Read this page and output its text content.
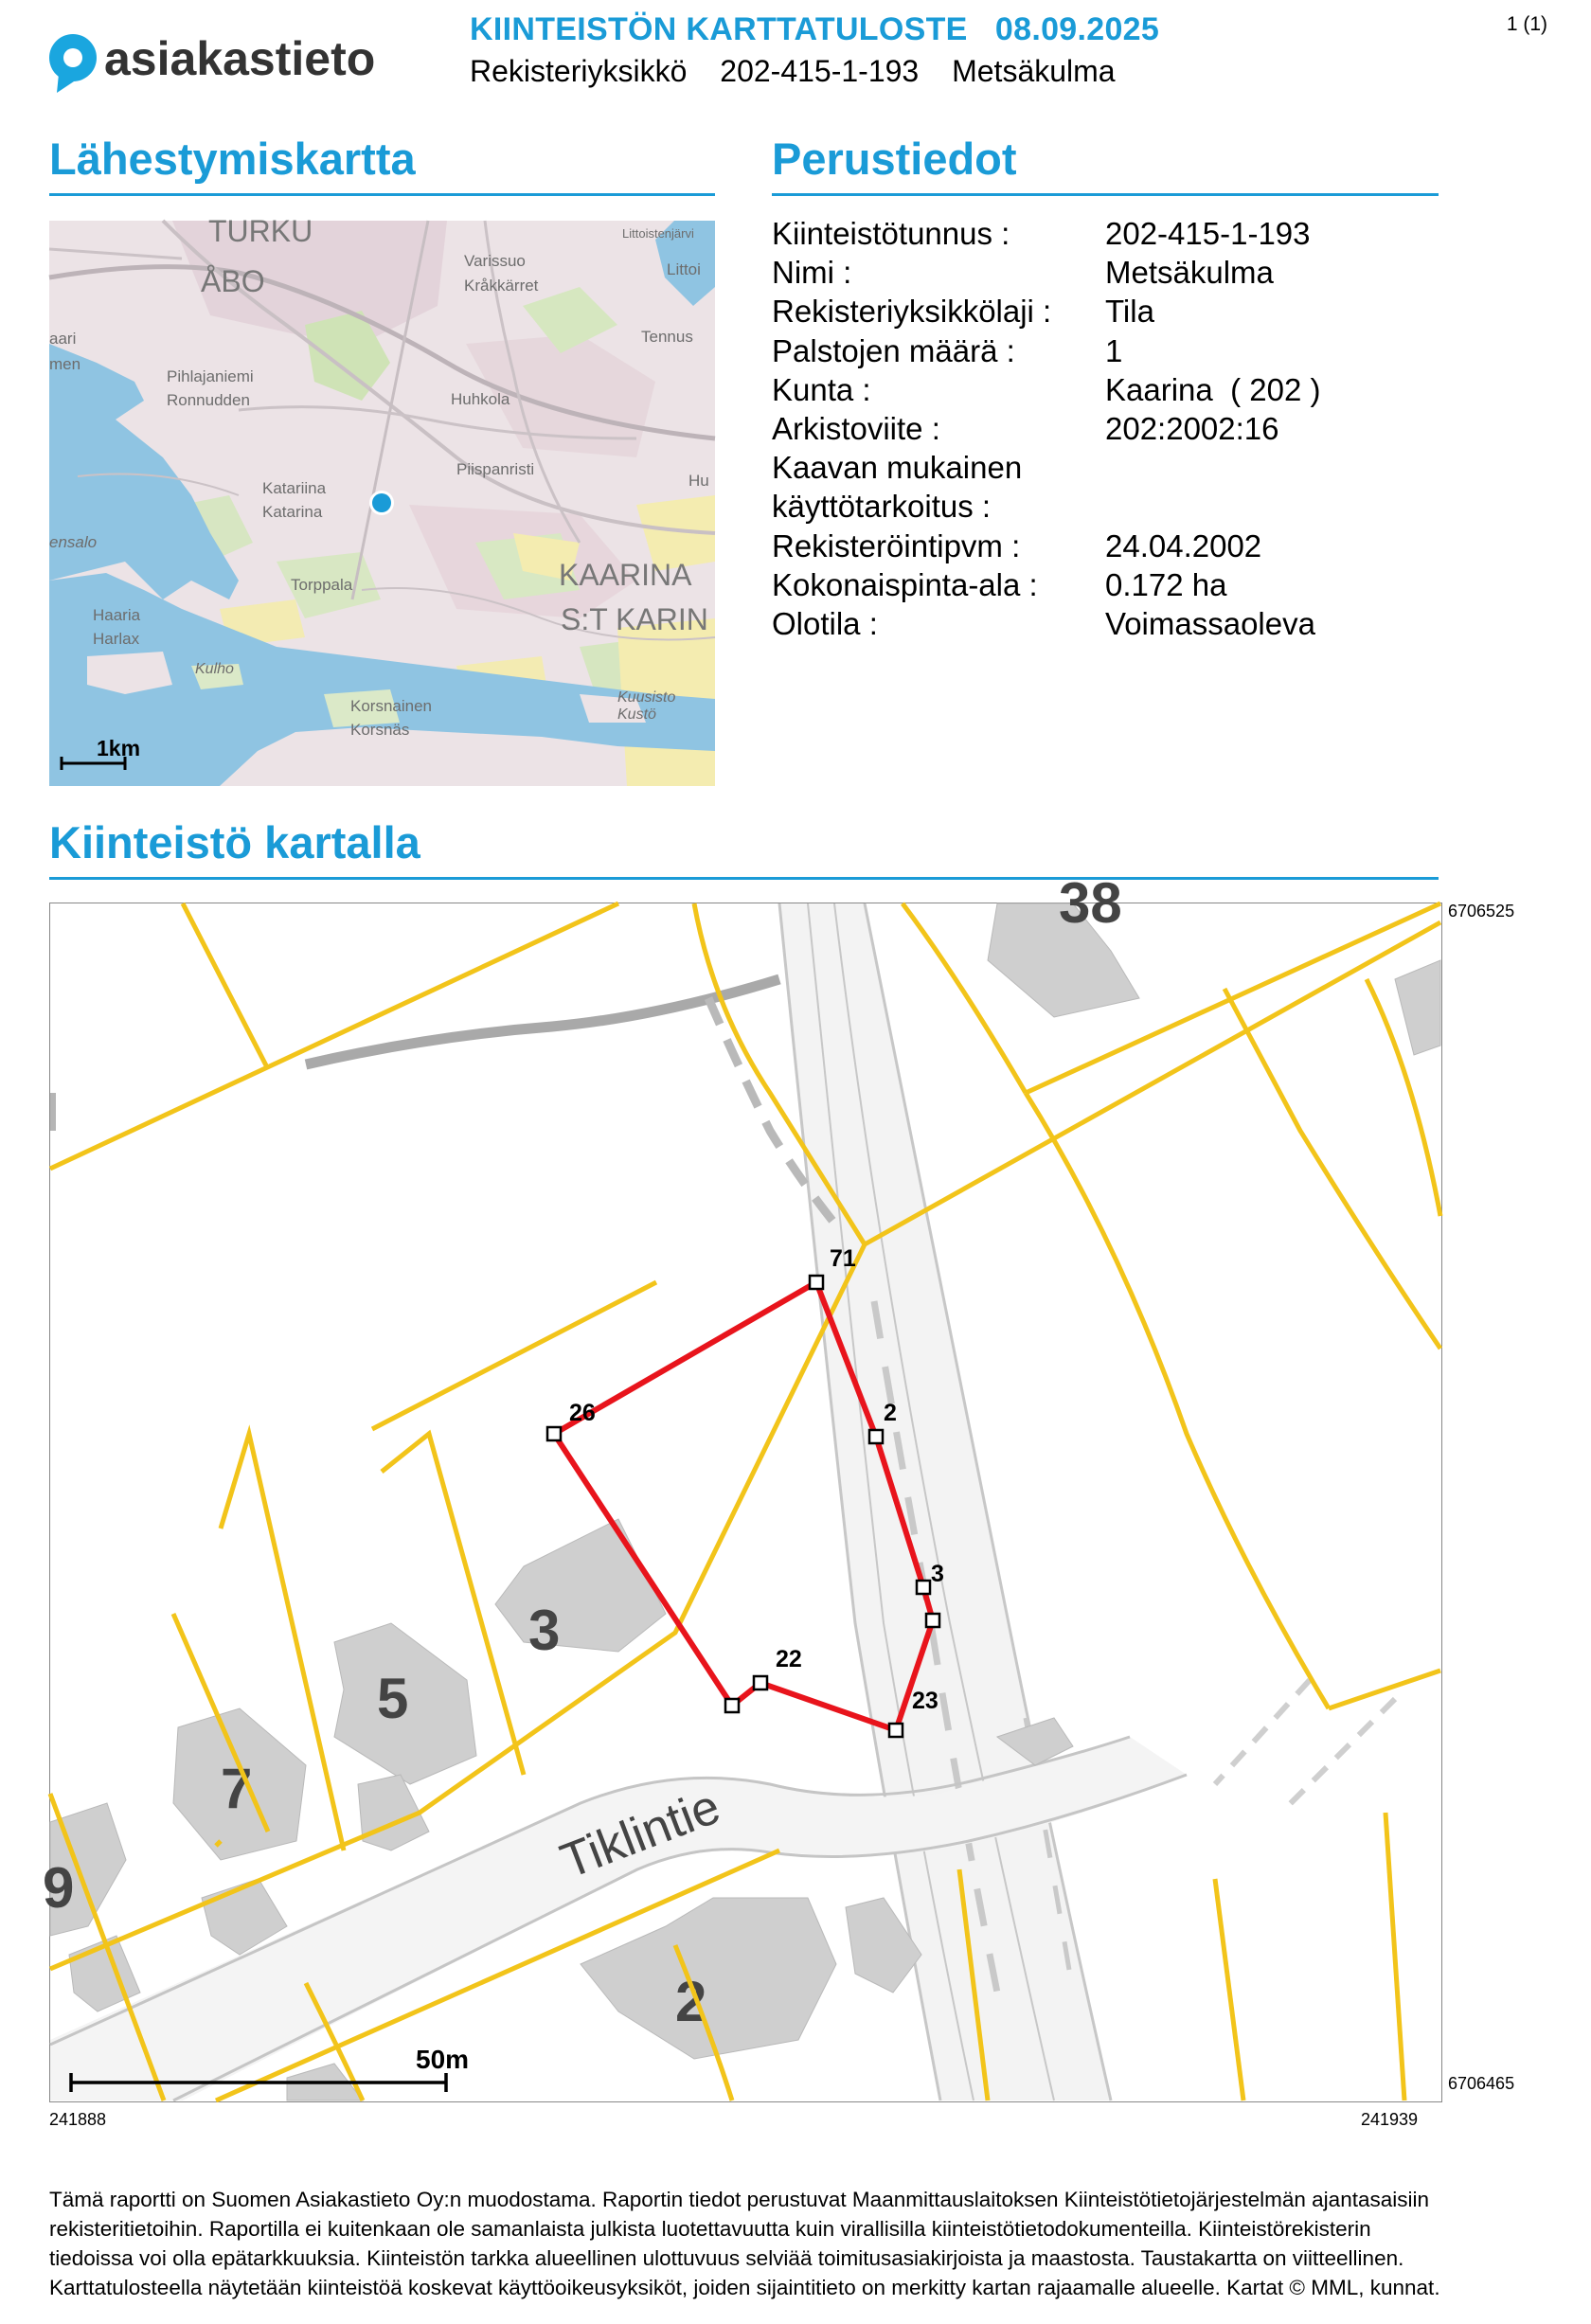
asiakastieto
KIINTEISTÖN KARTTATULOSTE 08.09.2025
Rekisteriyksikkö 202-415-1-193 Metsäkulma
1 (1)
Lähestymiskartta
TURKU
ÅBO
Varissuo
Kråkkärret
Littoistenjärvi
Littoi
aari
men
Pihlajaniemi
Ronnudden
Tennus
Huhkola
Katariina
Katarina
Piispanristi
Hu
ensalo
Torppala	KAARINA
S:T KARIN
Haaria
Harlax
Kulho
Korsnainen
Korsnäs
Kuusisto
Kustö
1km
Perustiedot
Kiinteistötunnus :	202-415-1-193
Nimi :	Metsäkulma
Rekisteriyksikkölaji : Tila
Palstojen määrä :	1
Kunta :	Kaarina  ( 202 )
Arkistoviite :	202:2002:16
Kaavan mukainen
käyttötarkoitus :
Rekisteröintipvm :	24.04.2002
Kokonaispinta-ala : 0.172 ha
Olotila :	Voimassaoleva
Kiinteistö kartalla
3
5
7
9
2
38
Tiklintie
71
26	2
3
22
23
50m
6706525
6706465
241888	241939
Tämä raportti on Suomen Asiakastieto Oy:n muodostama. Raportin tiedot perustuvat Maanmittauslaitoksen Kiinteistötietojärjestelmän ajantasaisiin rekisteritietoihin. Raportilla ei kuitenkaan ole samanlaista julkista luotettavuutta kuin virallisilla kiinteistötietodokumenteilla. Kiinteistörekisterin tiedoissa voi olla epätarkkuuksia. Kiinteistön tarkka alueellinen ulottuvuus selviää toimitusasiakirjoista ja maastosta. Taustakartta on viitteellinen. Karttatulosteella näytetään kiinteistöä koskevat käyttöoikeusyksiköt, joiden sijaintitieto on merkitty kartan rajaamalle alueelle. Kartat © MML, kunnat.
